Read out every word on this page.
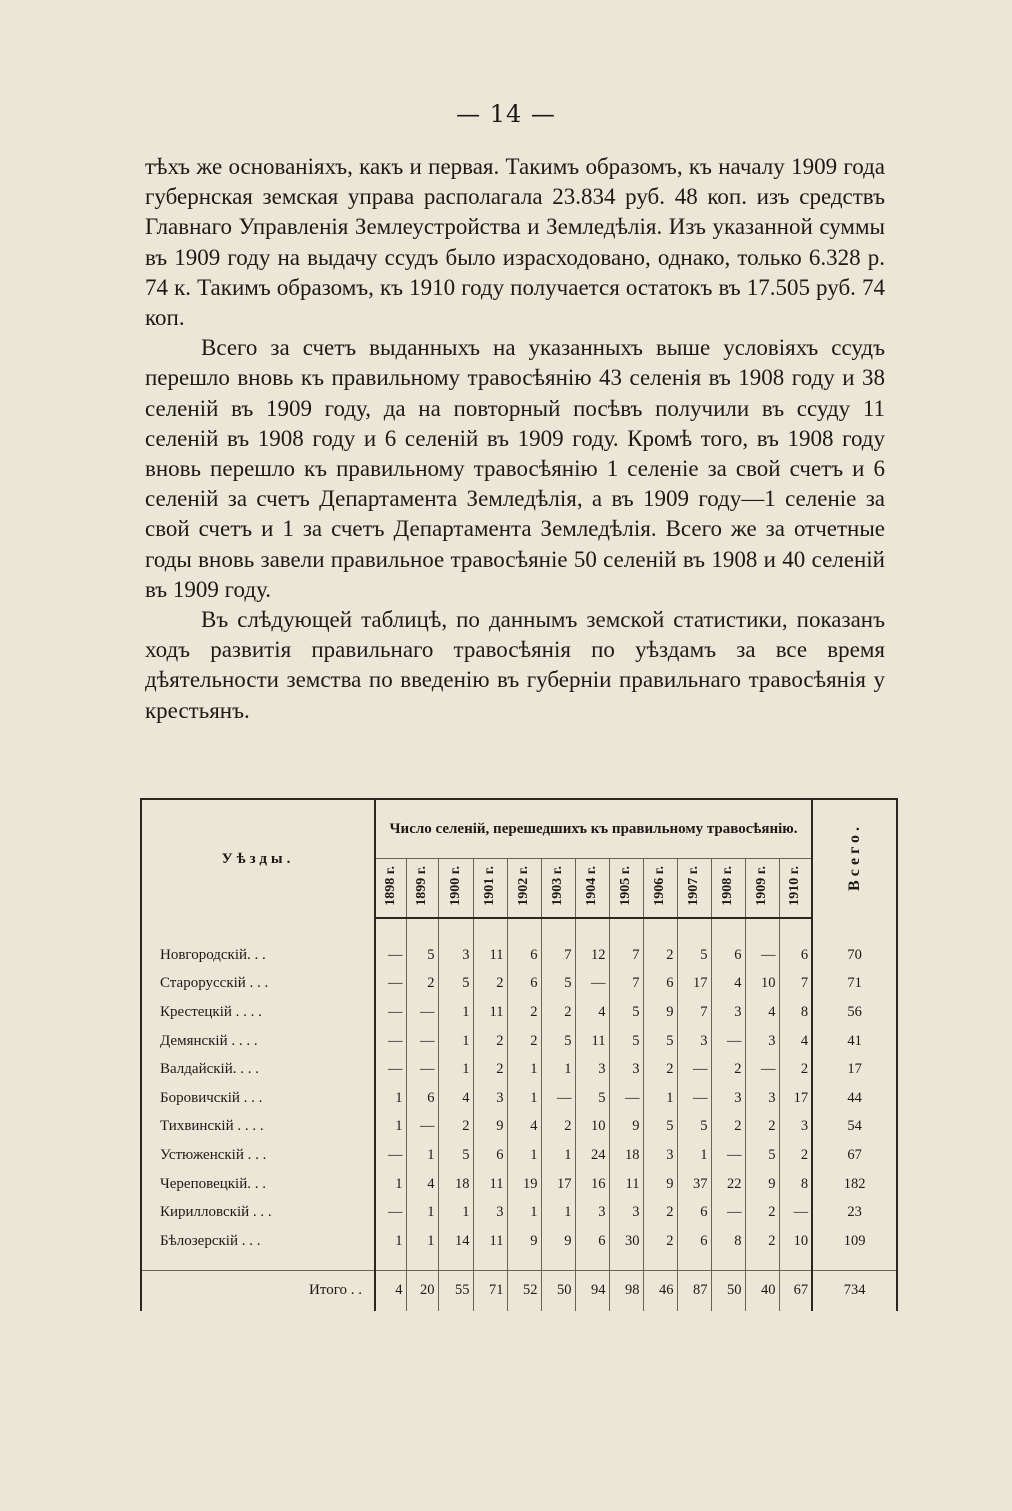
— 14 —

тѣхъ же основаніяхъ, какъ и первая. Такимъ образомъ, къ началу 1909 года губернская земская управа располагала 23.834 руб. 48 коп. изъ средствъ Главнаго Управленія Землеустройства и Земледѣлія. Изъ указанной суммы въ 1909 году на выдачу ссудъ было израсходовано, однако, только 6.328 р. 74 к. Такимъ образомъ, къ 1910 году получается остатокъ въ 17.505 руб. 74 коп.

Всего за счетъ выданныхъ на указанныхъ выше условіяхъ ссудъ перешло вновь къ правильному травосѣянію 43 селенія въ 1908 году и 38 селеній въ 1909 году, да на повторный посѣвъ получили въ ссуду 11 селеній въ 1908 году и 6 селеній въ 1909 году. Кромѣ того, въ 1908 году вновь перешло къ правильному травосѣянію 1 селеніе за свой счетъ и 6 селеній за счетъ Департамента Земледѣлія, а въ 1909 году—1 селеніе за свой счетъ и 1 за счетъ Департамента Земледѣлія. Всего же за отчетные годы вновь завели правильное травосѣяніе 50 селеній въ 1908 и 40 селеній въ 1909 году.

Въ слѣдующей таблицѣ, по даннымъ земской статистики, показанъ ходъ развитія правильнаго травосѣянія по уѣздамъ за все время дѣятельности земства по введенію въ губерніи правильнаго травосѣянія у крестьянъ.

Уѣзды.	Число селеній, перешедшихъ къ правильному травосѣянію.													Всего.
	1898 г.	1899 г.	1900 г.	1901 г.	1902 г.	1903 г.	1904 г.	1905 г.	1906 г.	1907 г.	1908 г.	1909 г.	1910 г.	

Новгородскій. . .	—	5	3	11	6	7	12	7	2	5	6	—	6	70
Старорусскій . . .	—	2	5	2	6	5	—	7	6	17	4	10	7	71
Крестецкій . . . .	—	—	1	11	2	2	4	5	9	7	3	4	8	56
Демянскій . . . .	—	—	1	2	2	5	11	5	5	3	—	3	4	41
Валдайскій. . . .	—	—	1	2	1	1	3	3	2	—	2	—	2	17
Боровичскій . . .	1	6	4	3	1	—	5	—	1	—	3	3	17	44
Тихвинскій . . . .	1	—	2	9	4	2	10	9	5	5	2	2	3	54
Устюженскій . . .	—	1	5	6	1	1	24	18	3	1	—	5	2	67
Череповецкій. . .	1	4	18	11	19	17	16	11	9	37	22	9	8	182
Кирилловскій . . .	—	1	1	3	1	1	3	3	2	6	—	2	—	23
Бѣлозерскій . . .	1	1	14	11	9	9	6	30	2	6	8	2	10	109

Итого . .	4	20	55	71	52	50	94	98	46	87	50	40	67	734
